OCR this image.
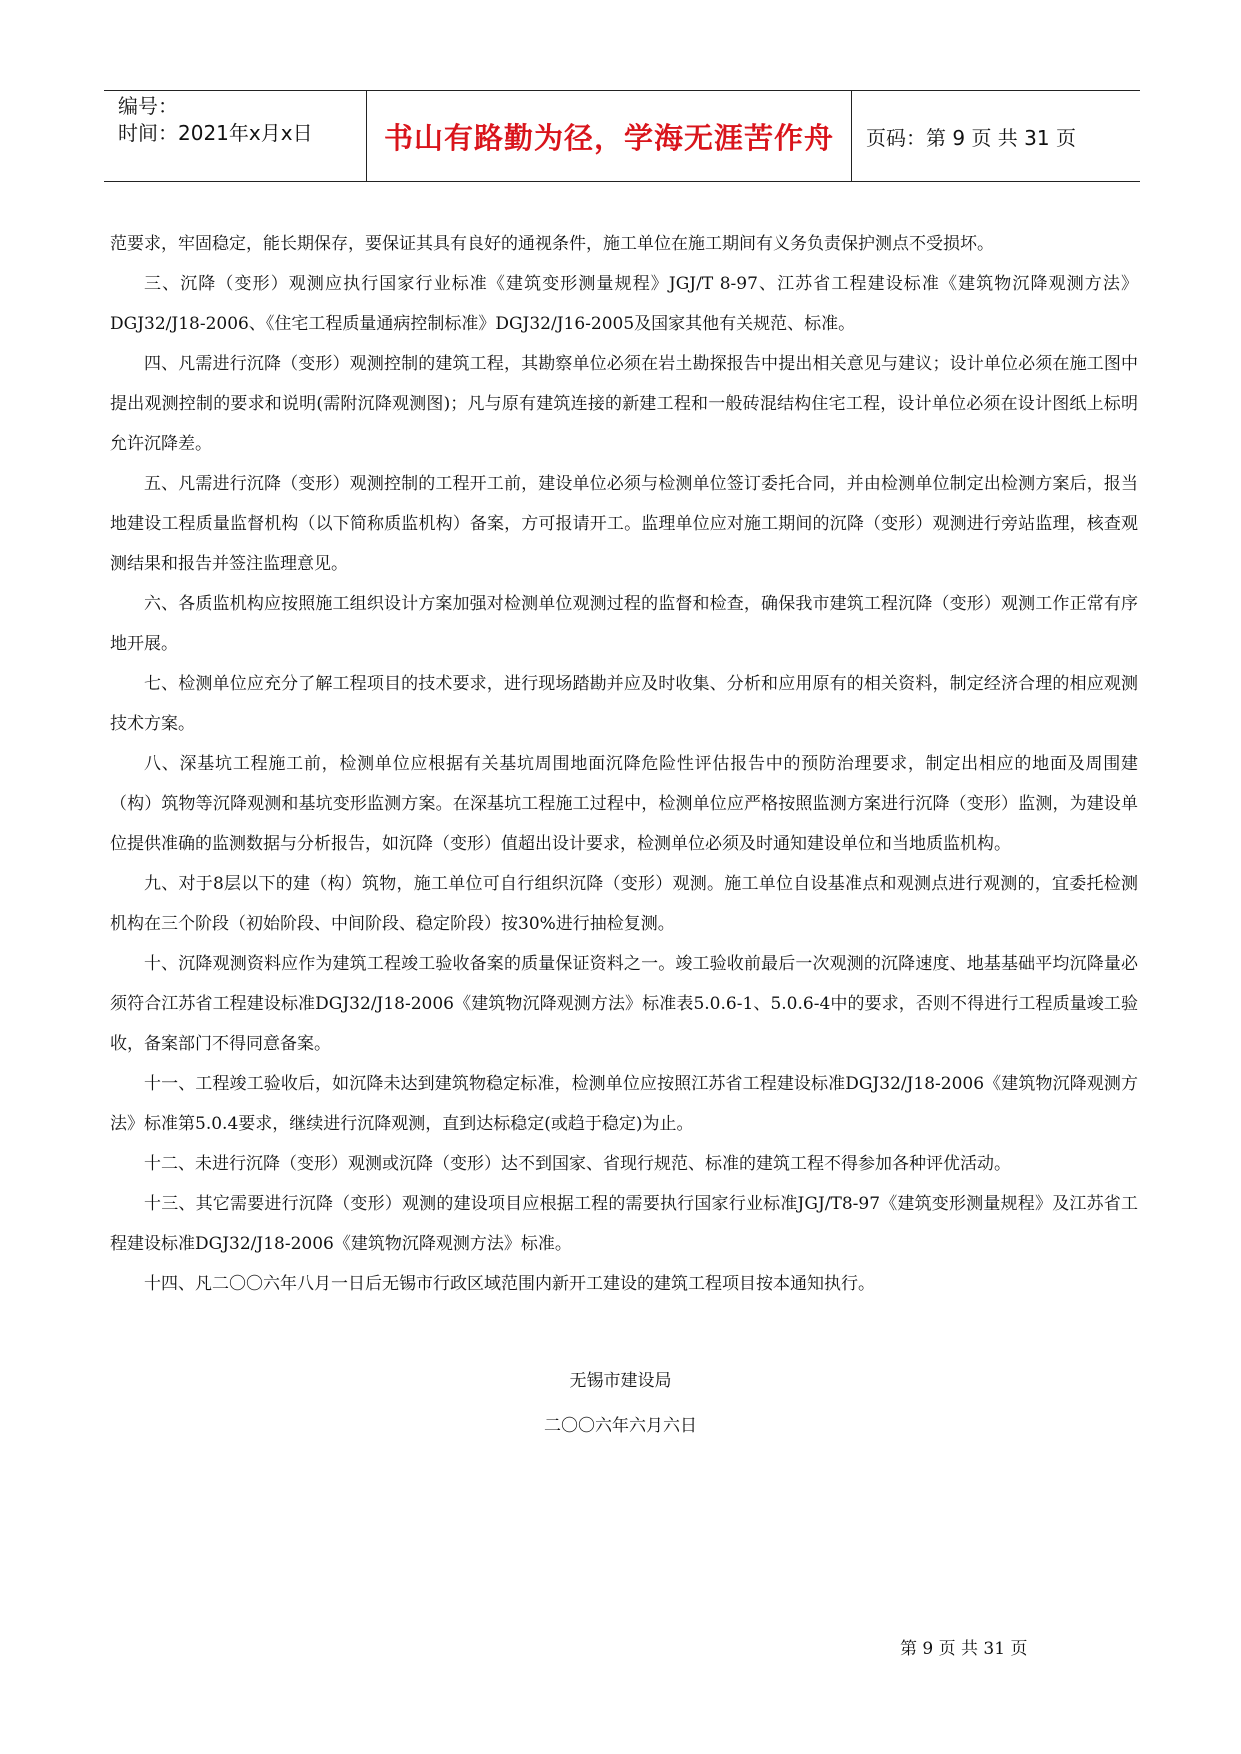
编号：
时间：2021年x月x日	书山有路勤为径，学海无涯苦作舟	页码：第 9 页 共 31 页

范要求，牢固稳定，能长期保存，要保证其具有良好的通视条件，施工单位在施工期间有义务负责保护测点不受损坏。

三、沉降（变形）观测应执行国家行业标准《建筑变形测量规程》JGJ/T 8-97、江苏省工程建设标准《建筑物沉降观测方法》DGJ32/J18-2006、《住宅工程质量通病控制标准》DGJ32/J16-2005及国家其他有关规范、标准。

四、凡需进行沉降（变形）观测控制的建筑工程，其勘察单位必须在岩土勘探报告中提出相关意见与建议；设计单位必须在施工图中提出观测控制的要求和说明(需附沉降观测图)；凡与原有建筑连接的新建工程和一般砖混结构住宅工程，设计单位必须在设计图纸上标明允许沉降差。

五、凡需进行沉降（变形）观测控制的工程开工前，建设单位必须与检测单位签订委托合同，并由检测单位制定出检测方案后，报当地建设工程质量监督机构（以下简称质监机构）备案，方可报请开工。监理单位应对施工期间的沉降（变形）观测进行旁站监理，核查观测结果和报告并签注监理意见。

六、各质监机构应按照施工组织设计方案加强对检测单位观测过程的监督和检查，确保我市建筑工程沉降（变形）观测工作正常有序地开展。

七、检测单位应充分了解工程项目的技术要求，进行现场踏勘并应及时收集、分析和应用原有的相关资料，制定经济合理的相应观测技术方案。

八、深基坑工程施工前，检测单位应根据有关基坑周围地面沉降危险性评估报告中的预防治理要求，制定出相应的地面及周围建（构）筑物等沉降观测和基坑变形监测方案。在深基坑工程施工过程中，检测单位应严格按照监测方案进行沉降（变形）监测，为建设单位提供准确的监测数据与分析报告，如沉降（变形）值超出设计要求，检测单位必须及时通知建设单位和当地质监机构。

九、对于8层以下的建（构）筑物，施工单位可自行组织沉降（变形）观测。施工单位自设基准点和观测点进行观测的，宜委托检测机构在三个阶段（初始阶段、中间阶段、稳定阶段）按30%进行抽检复测。

十、沉降观测资料应作为建筑工程竣工验收备案的质量保证资料之一。竣工验收前最后一次观测的沉降速度、地基基础平均沉降量必须符合江苏省工程建设标准DGJ32/J18-2006《建筑物沉降观测方法》标准表5.0.6-1、5.0.6-4中的要求，否则不得进行工程质量竣工验收，备案部门不得同意备案。

十一、工程竣工验收后，如沉降未达到建筑物稳定标准，检测单位应按照江苏省工程建设标准DGJ32/J18-2006《建筑物沉降观测方法》标准第5.0.4要求，继续进行沉降观测，直到达标稳定(或趋于稳定)为止。

十二、未进行沉降（变形）观测或沉降（变形）达不到国家、省现行规范、标准的建筑工程不得参加各种评优活动。

十三、其它需要进行沉降（变形）观测的建设项目应根据工程的需要执行国家行业标准JGJ/T8-97《建筑变形测量规程》及江苏省工程建设标准DGJ32/J18-2006《建筑物沉降观测方法》标准。

十四、凡二〇〇六年八月一日后无锡市行政区域范围内新开工建设的建筑工程项目按本通知执行。

无锡市建设局
二〇〇六年六月六日
第 9 页 共 31 页
